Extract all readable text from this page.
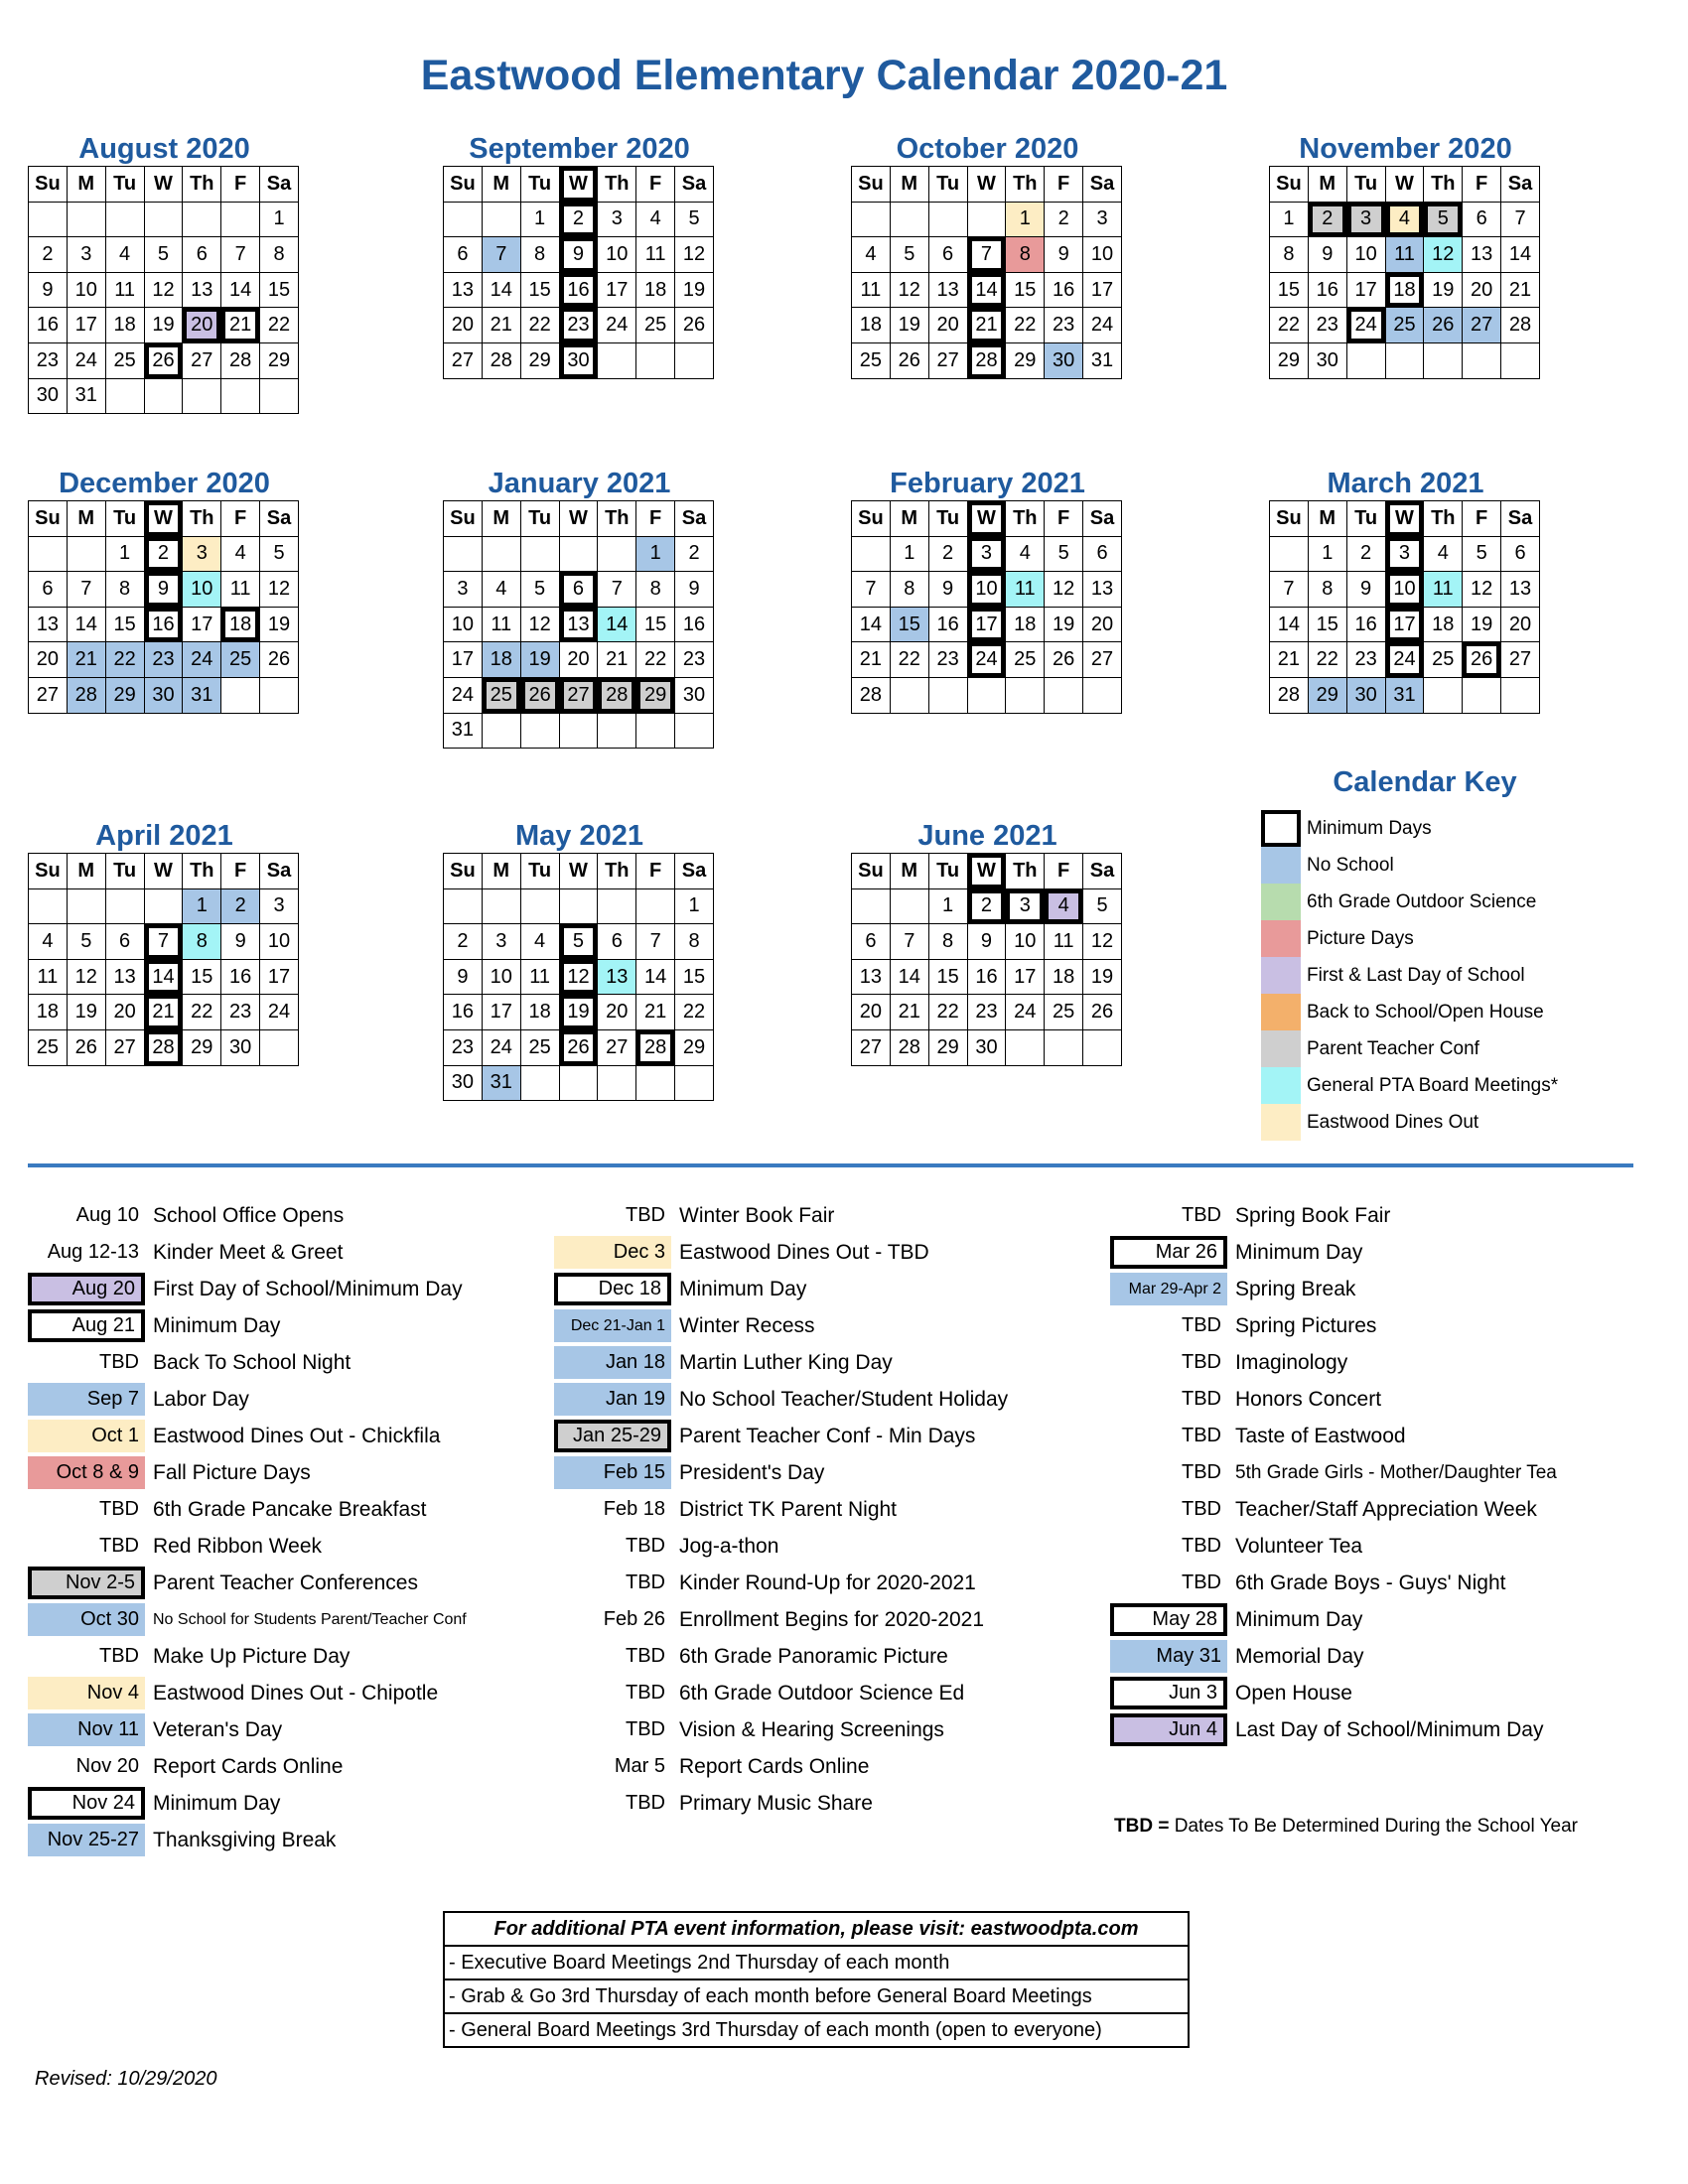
Eastwood Elementary Calendar 2020-21
August 2020
Su	M	Tu	W	Th	F	Sa
						1
2	3	4	5	6	7	8
9	10	11	12	13	14	15
16	17	18	19	20	21	22
23	24	25	26	27	28	29
30	31					
September 2020
Su	M	Tu	W	Th	F	Sa
		1	2	3	4	5
6	7	8	9	10	11	12
13	14	15	16	17	18	19
20	21	22	23	24	25	26
27	28	29	30			
October 2020
Su	M	Tu	W	Th	F	Sa
				1	2	3
4	5	6	7	8	9	10
11	12	13	14	15	16	17
18	19	20	21	22	23	24
25	26	27	28	29	30	31
November 2020
Su	M	Tu	W	Th	F	Sa
1	2	3	4	5	6	7
8	9	10	11	12	13	14
15	16	17	18	19	20	21
22	23	24	25	26	27	28
29	30					
December 2020
Su	M	Tu	W	Th	F	Sa
		1	2	3	4	5
6	7	8	9	10	11	12
13	14	15	16	17	18	19
20	21	22	23	24	25	26
27	28	29	30	31		
January 2021
Su	M	Tu	W	Th	F	Sa
					1	2
3	4	5	6	7	8	9
10	11	12	13	14	15	16
17	18	19	20	21	22	23
24	25	26	27	28	29	30
31						
February 2021
Su	M	Tu	W	Th	F	Sa
	1	2	3	4	5	6
7	8	9	10	11	12	13
14	15	16	17	18	19	20
21	22	23	24	25	26	27
28						
March 2021
Su	M	Tu	W	Th	F	Sa
	1	2	3	4	5	6
7	8	9	10	11	12	13
14	15	16	17	18	19	20
21	22	23	24	25	26	27
28	29	30	31			
April 2021
Su	M	Tu	W	Th	F	Sa
				1	2	3
4	5	6	7	8	9	10
11	12	13	14	15	16	17
18	19	20	21	22	23	24
25	26	27	28	29	30	
May 2021
Su	M	Tu	W	Th	F	Sa
						1
2	3	4	5	6	7	8
9	10	11	12	13	14	15
16	17	18	19	20	21	22
23	24	25	26	27	28	29
30	31					
June 2021
Su	M	Tu	W	Th	F	Sa
		1	2	3	4	5
6	7	8	9	10	11	12
13	14	15	16	17	18	19
20	21	22	23	24	25	26
27	28	29	30			
Calendar Key
Minimum Days
No School
6th Grade Outdoor Science
Picture Days
First & Last Day of School
Back to School/Open House
Parent Teacher Conf
General PTA Board Meetings*
Eastwood Dines Out
Aug 10 School Office Opens
Aug 12-13 Kinder Meet & Greet
Aug 20 First Day of School/Minimum Day
Aug 21 Minimum Day
TBD Back To School Night
Sep 7 Labor Day
Oct 1 Eastwood Dines Out - Chickfila
Oct 8 & 9 Fall Picture Days
TBD 6th Grade Pancake Breakfast
TBD Red Ribbon Week
Nov 2-5 Parent Teacher Conferences
Oct 30 No School for Students Parent/Teacher Conf
TBD Make Up Picture Day
Nov 4 Eastwood Dines Out - Chipotle
Nov 11 Veteran's Day
Nov 20 Report Cards Online
Nov 24 Minimum Day
Nov 25-27 Thanksgiving Break
TBD Winter Book Fair
Dec 3 Eastwood Dines Out - TBD
Dec 18 Minimum Day
Dec 21-Jan 1 Winter Recess
Jan 18 Martin Luther King Day
Jan 19 No School Teacher/Student Holiday
Jan 25-29 Parent Teacher Conf - Min Days
Feb 15 President's Day
Feb 18 District TK Parent Night
TBD Jog-a-thon
TBD Kinder Round-Up for 2020-2021
Feb 26 Enrollment Begins for 2020-2021
TBD 6th Grade Panoramic Picture
TBD 6th Grade Outdoor Science Ed
TBD Vision & Hearing Screenings
Mar 5 Report Cards Online
TBD Primary Music Share
TBD Spring Book Fair
Mar 26 Minimum Day
Mar 29-Apr 2 Spring Break
TBD Spring Pictures
TBD Imaginology
TBD Honors Concert
TBD Taste of Eastwood
TBD 5th Grade Girls - Mother/Daughter Tea
TBD Teacher/Staff Appreciation Week
TBD Volunteer Tea
TBD 6th Grade Boys - Guys' Night
May 28 Minimum Day
May 31 Memorial Day
Jun 3 Open House
Jun 4 Last Day of School/Minimum Day
TBD = Dates To Be Determined During the School Year
For additional PTA event information, please visit: eastwoodpta.com
- Executive Board Meetings 2nd Thursday of each month
- Grab & Go 3rd Thursday of each month before General Board Meetings
- General Board Meetings 3rd Thursday of each month (open to everyone)
Revised: 10/29/2020
